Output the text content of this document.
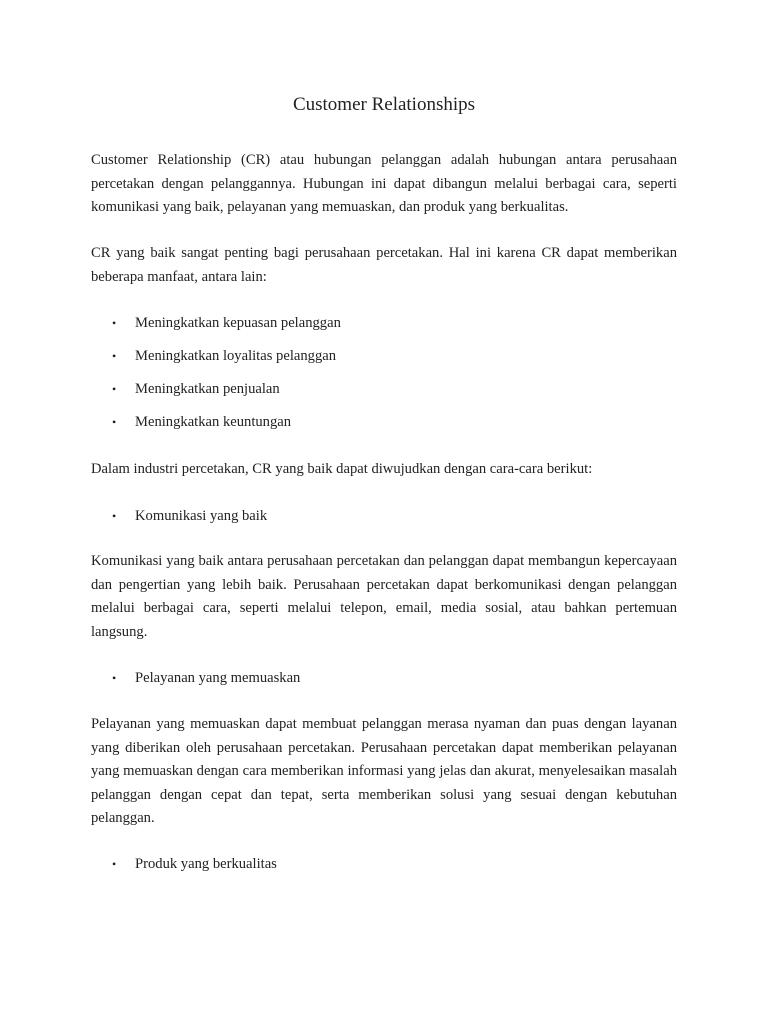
Customer Relationships

Customer Relationship (CR) atau hubungan pelanggan adalah hubungan antara perusahaan percetakan dengan pelanggannya. Hubungan ini dapat dibangun melalui berbagai cara, seperti komunikasi yang baik, pelayanan yang memuaskan, dan produk yang berkualitas.

CR yang baik sangat penting bagi perusahaan percetakan. Hal ini karena CR dapat memberikan beberapa manfaat, antara lain:

• Meningkatkan kepuasan pelanggan
• Meningkatkan loyalitas pelanggan
• Meningkatkan penjualan
• Meningkatkan keuntungan

Dalam industri percetakan, CR yang baik dapat diwujudkan dengan cara-cara berikut:

• Komunikasi yang baik

Komunikasi yang baik antara perusahaan percetakan dan pelanggan dapat membangun kepercayaan dan pengertian yang lebih baik. Perusahaan percetakan dapat berkomunikasi dengan pelanggan melalui berbagai cara, seperti melalui telepon, email, media sosial, atau bahkan pertemuan langsung.

• Pelayanan yang memuaskan

Pelayanan yang memuaskan dapat membuat pelanggan merasa nyaman dan puas dengan layanan yang diberikan oleh perusahaan percetakan. Perusahaan percetakan dapat memberikan pelayanan yang memuaskan dengan cara memberikan informasi yang jelas dan akurat, menyelesaikan masalah pelanggan dengan cepat dan tepat, serta memberikan solusi yang sesuai dengan kebutuhan pelanggan.

• Produk yang berkualitas
